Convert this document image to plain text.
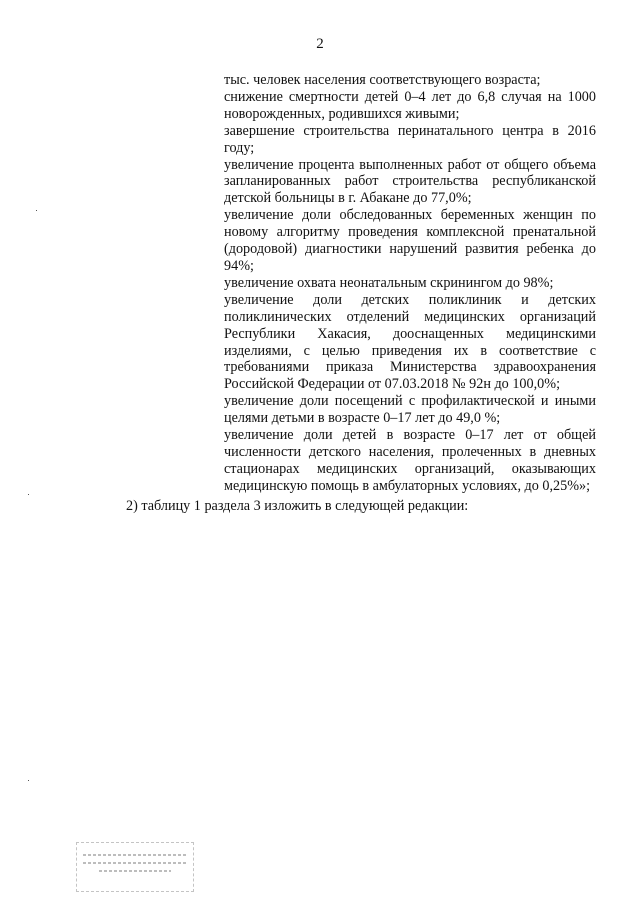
2

тыс. человек населения соответствующего возраста;

снижение смертности детей 0–4 лет до 6,8 случая на 1000 новорожденных, родившихся живыми;

завершение строительства перинатального центра в 2016 году;

увеличение процента выполненных работ от общего объема запланированных работ строительства республиканской детской больницы в г. Абакане до 77,0%;

увеличение доли обследованных беременных женщин по новому алгоритму проведения комплексной пренатальной (дородовой) диагностики нарушений развития ребенка до 94%;

увеличение охвата неонатальным скринингом до 98%;

увеличение доли детских поликлиник и детских поликлинических отделений медицинских организаций Республики Хакасия, дооснащенных медицинскими изделиями, с целью приведения их в соответствие с требованиями приказа Министерства здравоохранения Российской Федерации от 07.03.2018 № 92н до 100,0%;

увеличение доли посещений с профилактической и иными целями детьми в возрасте 0–17 лет до 49,0 %;

увеличение доли детей в возрасте 0–17 лет от общей численности детского населения, пролеченных в дневных стационарах медицинских организаций, оказывающих медицинскую помощь в амбулаторных условиях, до 0,25%»;

2) таблицу 1 раздела 3 изложить в следующей редакции:
